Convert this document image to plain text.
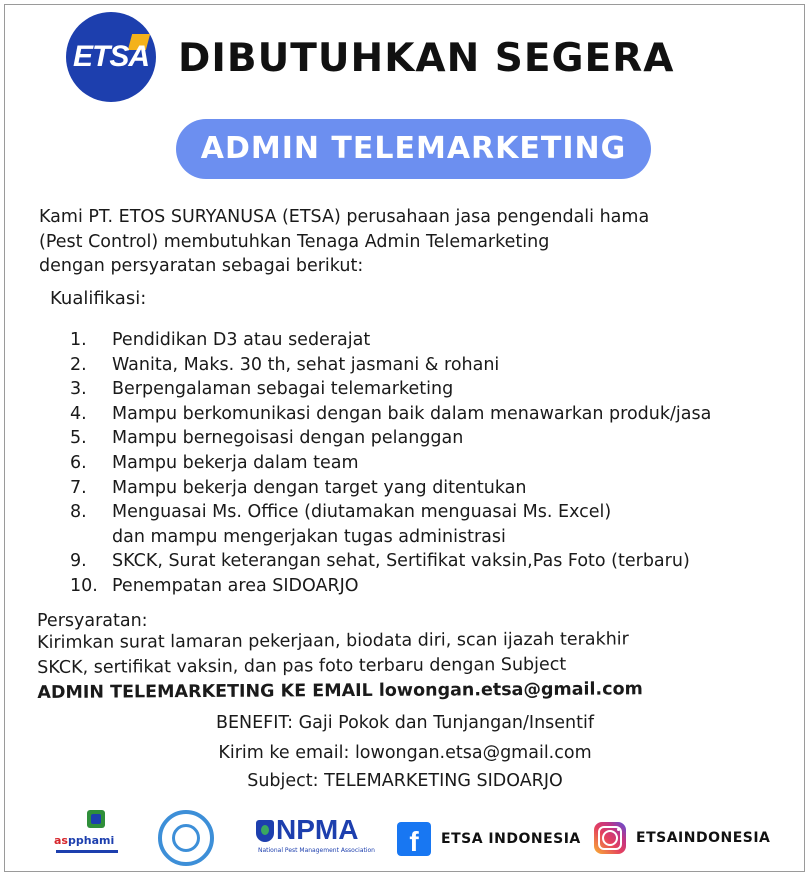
ETSA DIBUTUHKAN SEGERA
ADMIN TELEMARKETING
Kami PT. ETOS SURYANUSA (ETSA) perusahaan jasa pengendali hama
(Pest Control) membutuhkan Tenaga Admin Telemarketing
dengan persyaratan sebagai berikut:
Kualifikasi:
1. Pendidikan D3 atau sederajat
2. Wanita, Maks. 30 th, sehat jasmani & rohani
3. Berpengalaman sebagai telemarketing
4. Mampu berkomunikasi dengan baik dalam menawarkan produk/jasa
5. Mampu bernegoisasi dengan pelanggan
6. Mampu bekerja dalam team
7. Mampu bekerja dengan target yang ditentukan
8. Menguasai Ms. Office (diutamakan menguasai Ms. Excel)
dan mampu mengerjakan tugas administrasi
9. SKCK, Surat keterangan sehat, Sertifikat vaksin,Pas Foto (terbaru)
10. Penempatan area SIDOARJO
Persyaratan:
Kirimkan surat lamaran pekerjaan, biodata diri, scan ijazah terakhir
SKCK, sertifikat vaksin, dan pas foto terbaru dengan Subject
ADMIN TELEMARKETING KE EMAIL lowongan.etsa@gmail.com
BENEFIT: Gaji Pokok dan Tunjangan/Insentif
Kirim ke email: lowongan.etsa@gmail.com
Subject: TELEMARKETING SIDOARJO
aspphami	NPMA
National Pest Management Association	f	ETSA INDONESIA	ETSAINDONESIA
